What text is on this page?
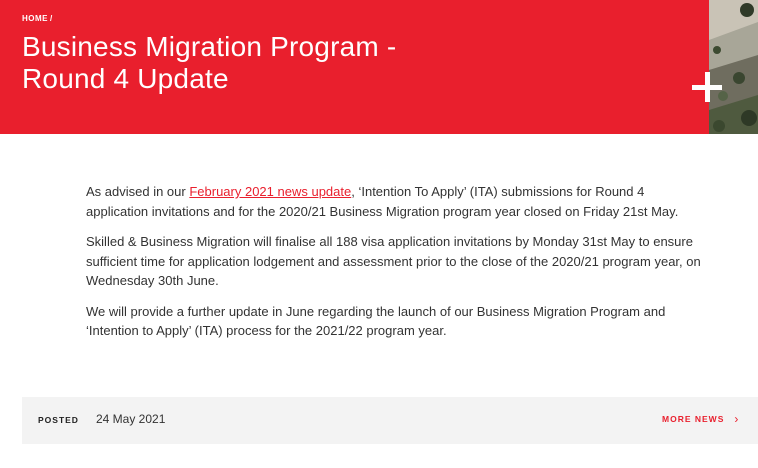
HOME /
Business Migration Program - Round 4 Update

As advised in our February 2021 news update, ‘Intention To Apply’ (ITA) submissions for Round 4 application invitations and for the 2020/21 Business Migration program year closed on Friday 21st May.

Skilled & Business Migration will finalise all 188 visa application invitations by Monday 31st May to ensure sufficient time for application lodgement and assessment prior to the close of the 2020/21 program year, on Wednesday 30th June.

We will provide a further update in June regarding the launch of our Business Migration Program and ‘Intention to Apply’ (ITA) process for the 2021/22 program year.

POSTED 24 May 2021	MORE NEWS ›
